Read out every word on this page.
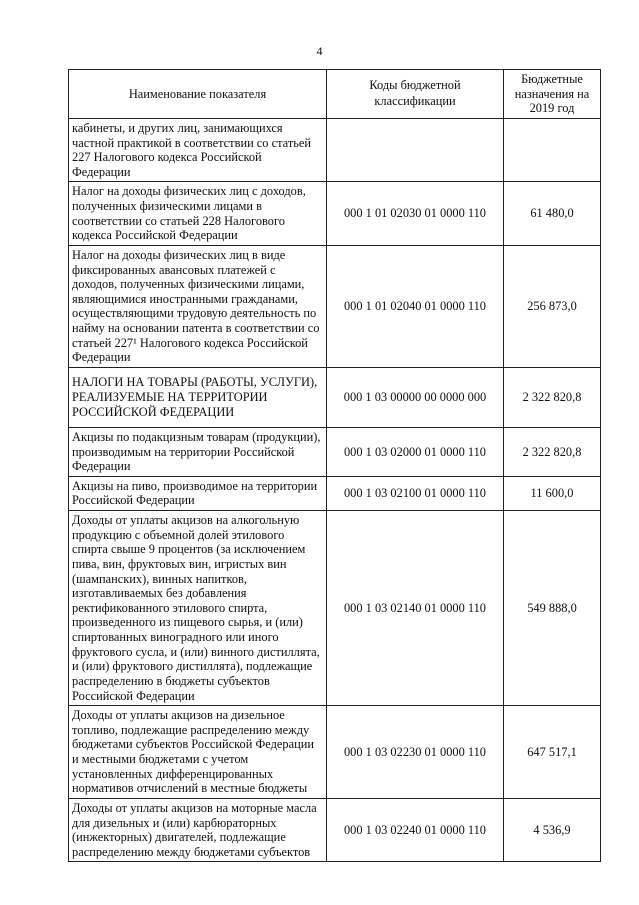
4
Наименование показателя	Коды бюджетной классификации	Бюджетные назначения на 2019 год
кабинеты, и других лиц, занимающихся частной практикой в соответствии со статьей 227 Налогового кодекса Российской Федерации		
Налог на доходы физических лиц с доходов, полученных физическими лицами в соответствии со статьей 228 Налогового кодекса Российской Федерации	000 1 01 02030 01 0000 110	61 480,0
Налог на доходы физических лиц в виде фиксированных авансовых платежей с доходов, полученных физическими лицами, являющимися иностранными гражданами, осуществляющими трудовую деятельность по найму на основании патента в соответствии со статьей 227¹ Налогового кодекса Российской Федерации	000 1 01 02040 01 0000 110	256 873,0
НАЛОГИ НА ТОВАРЫ (РАБОТЫ, УСЛУГИ), РЕАЛИЗУЕМЫЕ НА ТЕРРИТОРИИ РОССИЙСКОЙ ФЕДЕРАЦИИ	000 1 03 00000 00 0000 000	2 322 820,8
Акцизы по подакцизным товарам (продукции), производимым на территории Российской Федерации	000 1 03 02000 01 0000 110	2 322 820,8
Акцизы на пиво, производимое на территории Российской Федерации	000 1 03 02100 01 0000 110	11 600,0
Доходы от уплаты акцизов на алкогольную продукцию с объемной долей этилового спирта свыше 9 процентов (за исключением пива, вин, фруктовых вин, игристых вин (шампанских), винных напитков, изготавливаемых без добавления ректификованного этилового спирта, произведенного из пищевого сырья, и (или) спиртованных виноградного или иного фруктового сусла, и (или) винного дистиллята, и (или) фруктового дистиллята), подлежащие распределению в бюджеты субъектов Российской Федерации	000 1 03 02140 01 0000 110	549 888,0
Доходы от уплаты акцизов на дизельное топливо, подлежащие распределению между бюджетами субъектов Российской Федерации и местными бюджетами с учетом установленных дифференцированных нормативов отчислений в местные бюджеты	000 1 03 02230 01 0000 110	647 517,1
Доходы от уплаты акцизов на моторные масла для дизельных и (или) карбюраторных (инжекторных) двигателей, подлежащие распределению между бюджетами субъектов	000 1 03 02240 01 0000 110	4 536,9
